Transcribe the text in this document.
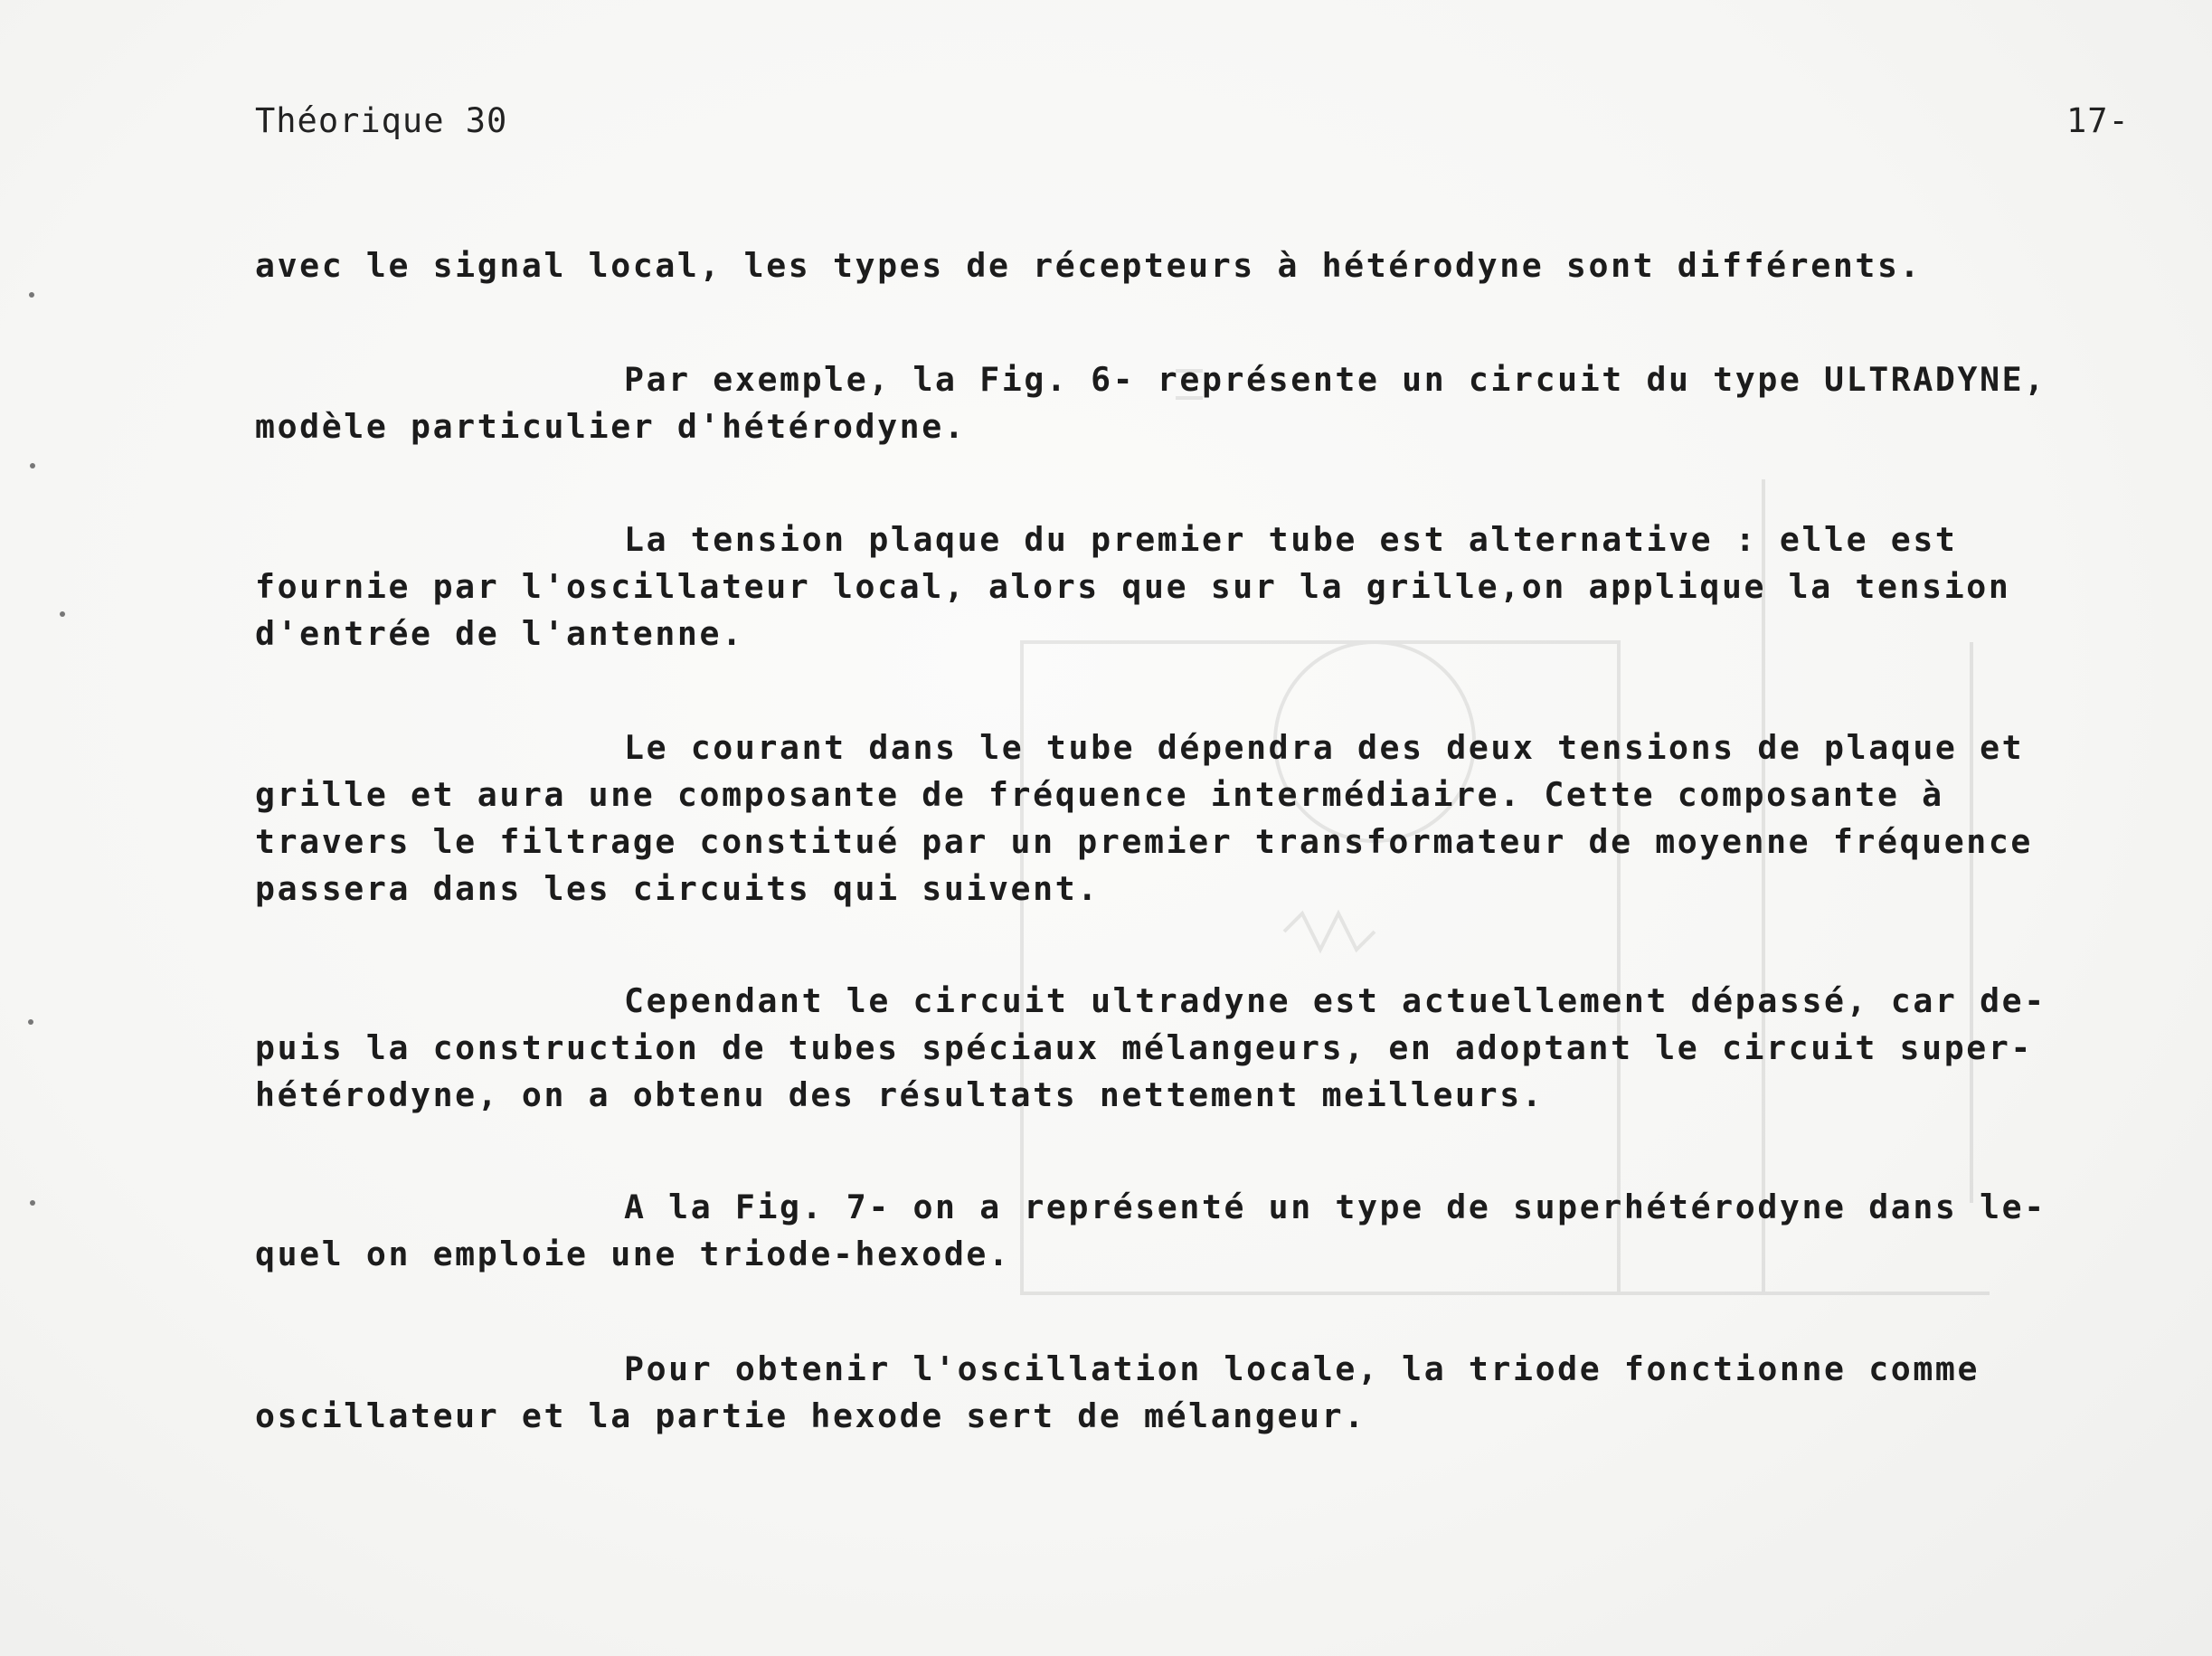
Théorique 30	17-

avec le signal local, les types de récepteurs à hétérodyne sont différents.

Par exemple, la Fig. 6- représente un circuit du type ULTRADYNE, modèle particulier d'hétérodyne.

La tension plaque du premier tube est alternative : elle est fournie par l'oscillateur local, alors que sur la grille,on applique la tension d'entrée de l'antenne.

Le courant dans le tube dépendra des deux tensions de plaque et grille et aura une composante de fréquence intermédiaire. Cette composante à travers le filtrage constitué par un premier transformateur de moyenne fréquence passera dans les circuits qui suivent.

Cependant le circuit ultradyne est actuellement dépassé, car de-puis la construction de tubes spéciaux mélangeurs, en adoptant le circuit super-hétérodyne, on a obtenu des résultats nettement meilleurs.

A la Fig. 7- on a représenté un type de superhétérodyne dans le-quel on emploie une triode-hexode.

Pour obtenir l'oscillation locale, la triode fonctionne comme oscillateur et la partie hexode sert de mélangeur.
